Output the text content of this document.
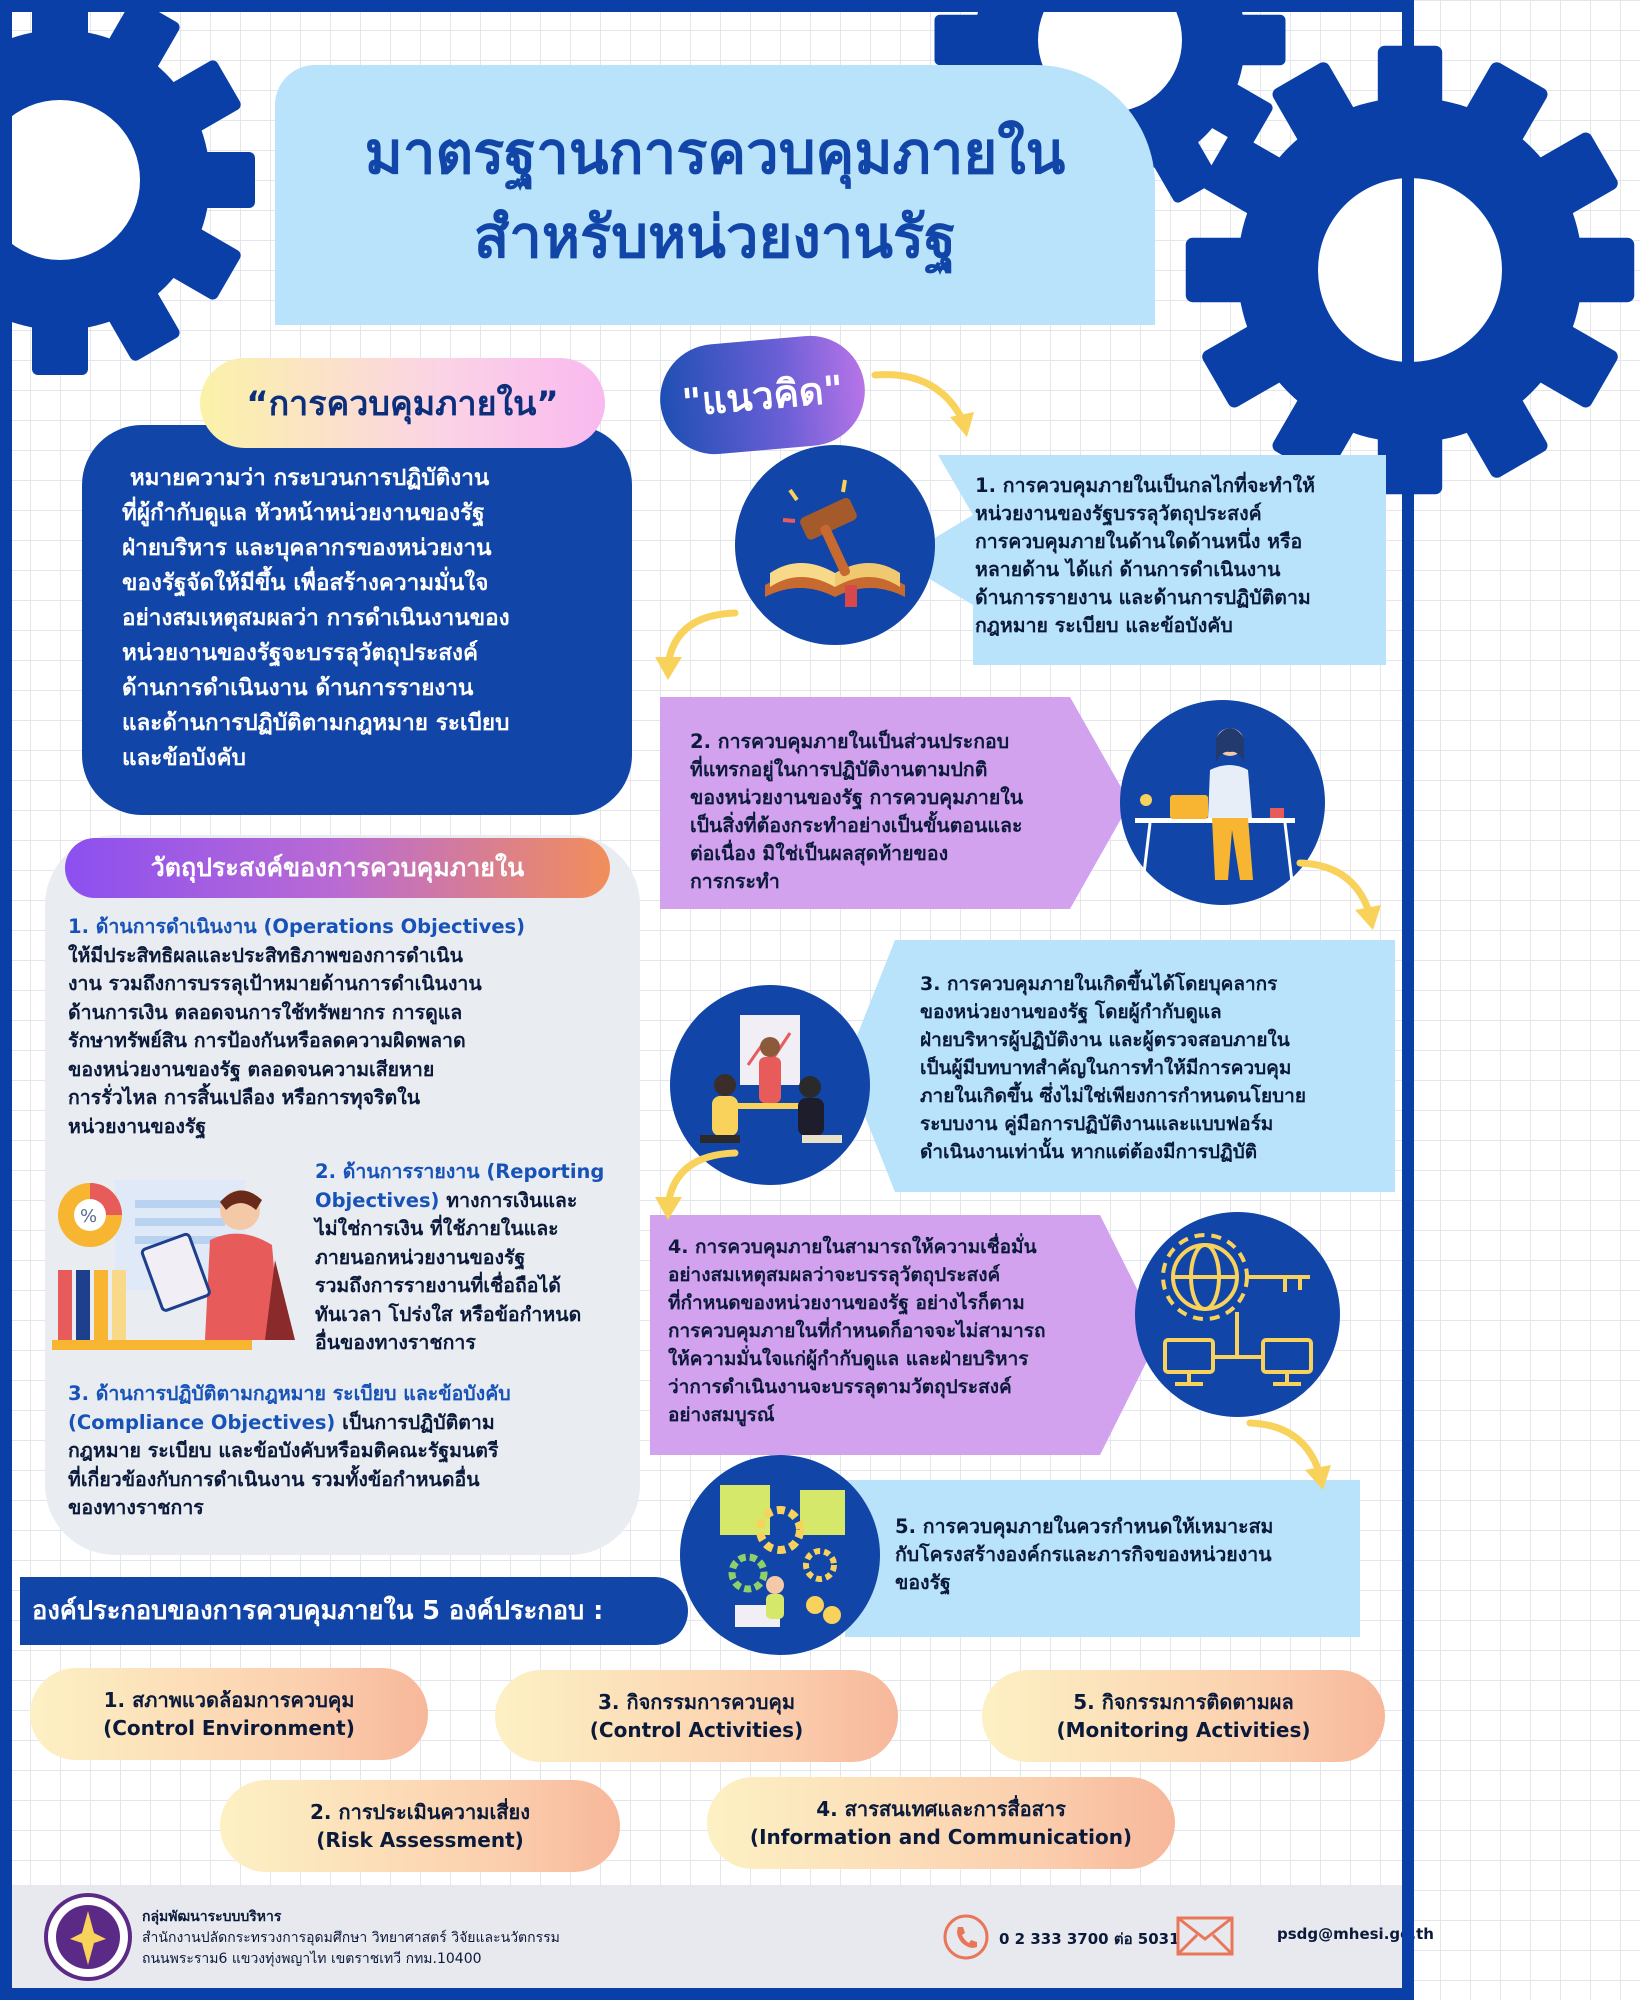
มาตรฐานการควบคุมภายใน
สำหรับหน่วยงานรัฐ
“การควบคุมภายใน”
หมายความว่า กระบวนการปฏิบัติงาน
ที่ผู้กำกับดูแล หัวหน้าหน่วยงานของรัฐ
ฝ่ายบริหาร และบุคลากรของหน่วยงาน
ของรัฐจัดให้มีขึ้น เพื่อสร้างความมั่นใจ
อย่างสมเหตุสมผลว่า การดำเนินงานของ
หน่วยงานของรัฐจะบรรลุวัตถุประสงค์
ด้านการดำเนินงาน ด้านการรายงาน
และด้านการปฏิบัติตามกฎหมาย ระเบียบ
และข้อบังคับ
"แนวคิด"
1. การควบคุมภายในเป็นกลไกที่จะทำให้
หน่วยงานของรัฐบรรลุวัตถุประสงค์
การควบคุมภายในด้านใดด้านหนึ่ง หรือ
หลายด้าน ได้แก่ ด้านการดำเนินงาน
ด้านการรายงาน และด้านการปฏิบัติตาม
กฎหมาย ระเบียบ และข้อบังคับ
2. การควบคุมภายในเป็นส่วนประกอบ
ที่แทรกอยู่ในการปฏิบัติงานตามปกติ
ของหน่วยงานของรัฐ การควบคุมภายใน
เป็นสิ่งที่ต้องกระทำอย่างเป็นขั้นตอนและ
ต่อเนื่อง มิใช่เป็นผลสุดท้ายของ
การกระทำ
3. การควบคุมภายในเกิดขึ้นได้โดยบุคลากร
ของหน่วยงานของรัฐ โดยผู้กำกับดูแล
ฝ่ายบริหารผู้ปฏิบัติงาน และผู้ตรวจสอบภายใน
เป็นผู้มีบทบาทสำคัญในการทำให้มีการควบคุม
ภายในเกิดขึ้น ซึ่งไม่ใช่เพียงการกำหนดนโยบาย
ระบบงาน คู่มือการปฏิบัติงานและแบบฟอร์ม
ดำเนินงานเท่านั้น หากแต่ต้องมีการปฏิบัติ
4. การควบคุมภายในสามารถให้ความเชื่อมั่น
อย่างสมเหตุสมผลว่าจะบรรลุวัตถุประสงค์
ที่กำหนดของหน่วยงานของรัฐ อย่างไรก็ตาม
การควบคุมภายในที่กำหนดก็อาจจะไม่สามารถ
ให้ความมั่นใจแก่ผู้กำกับดูแล และฝ่ายบริหาร
ว่าการดำเนินงานจะบรรลุตามวัตถุประสงค์
อย่างสมบูรณ์
5. การควบคุมภายในควรกำหนดให้เหมาะสม
กับโครงสร้างองค์กรและภารกิจของหน่วยงาน
ของรัฐ
วัตถุประสงค์ของการควบคุมภายใน
1. ด้านการดำเนินงาน (Operations Objectives)
ให้มีประสิทธิผลและประสิทธิภาพของการดำเนิน
งาน รวมถึงการบรรลุเป้าหมายด้านการดำเนินงาน
ด้านการเงิน ตลอดจนการใช้ทรัพยากร การดูแล
รักษาทรัพย์สิน การป้องกันหรือลดความผิดพลาด
ของหน่วยงานของรัฐ ตลอดจนความเสียหาย
การรั่วไหล การสิ้นเปลือง หรือการทุจริตใน
หน่วยงานของรัฐ
%
2. ด้านการรายงาน (Reporting
Objectives) ทางการเงินและ
ไม่ใช่การเงิน ที่ใช้ภายในและ
ภายนอกหน่วยงานของรัฐ
รวมถึงการรายงานที่เชื่อถือได้
ทันเวลา โปร่งใส หรือข้อกำหนด
อื่นของทางราชการ
3. ด้านการปฏิบัติตามกฎหมาย ระเบียบ และข้อบังคับ
(Compliance Objectives) เป็นการปฏิบัติตาม
กฎหมาย ระเบียบ และข้อบังคับหรือมติคณะรัฐมนตรี
ที่เกี่ยวข้องกับการดำเนินงาน รวมทั้งข้อกำหนดอื่น
ของทางราชการ
องค์ประกอบของการควบคุมภายใน 5 องค์ประกอบ :
1. สภาพแวดล้อมการควบคุม
(Control Environment)
3. กิจกรรมการควบคุม
(Control Activities)
5. กิจกรรมการติดตามผล
(Monitoring Activities)
2. การประเมินความเสี่ยง
(Risk Assessment)
4. สารสนเทศและการสื่อสาร
(Information and Communication)
กลุ่มพัฒนาระบบบริหาร
สำนักงานปลัดกระทรวงการอุดมศึกษา วิทยาศาสตร์ วิจัยและนวัตกรรม
ถนนพระราม6 แขวงทุ่งพญาไท เขตราชเทวี กทม.10400
0 2 333 3700 ต่อ 5031	psdg@mhesi.go.th
